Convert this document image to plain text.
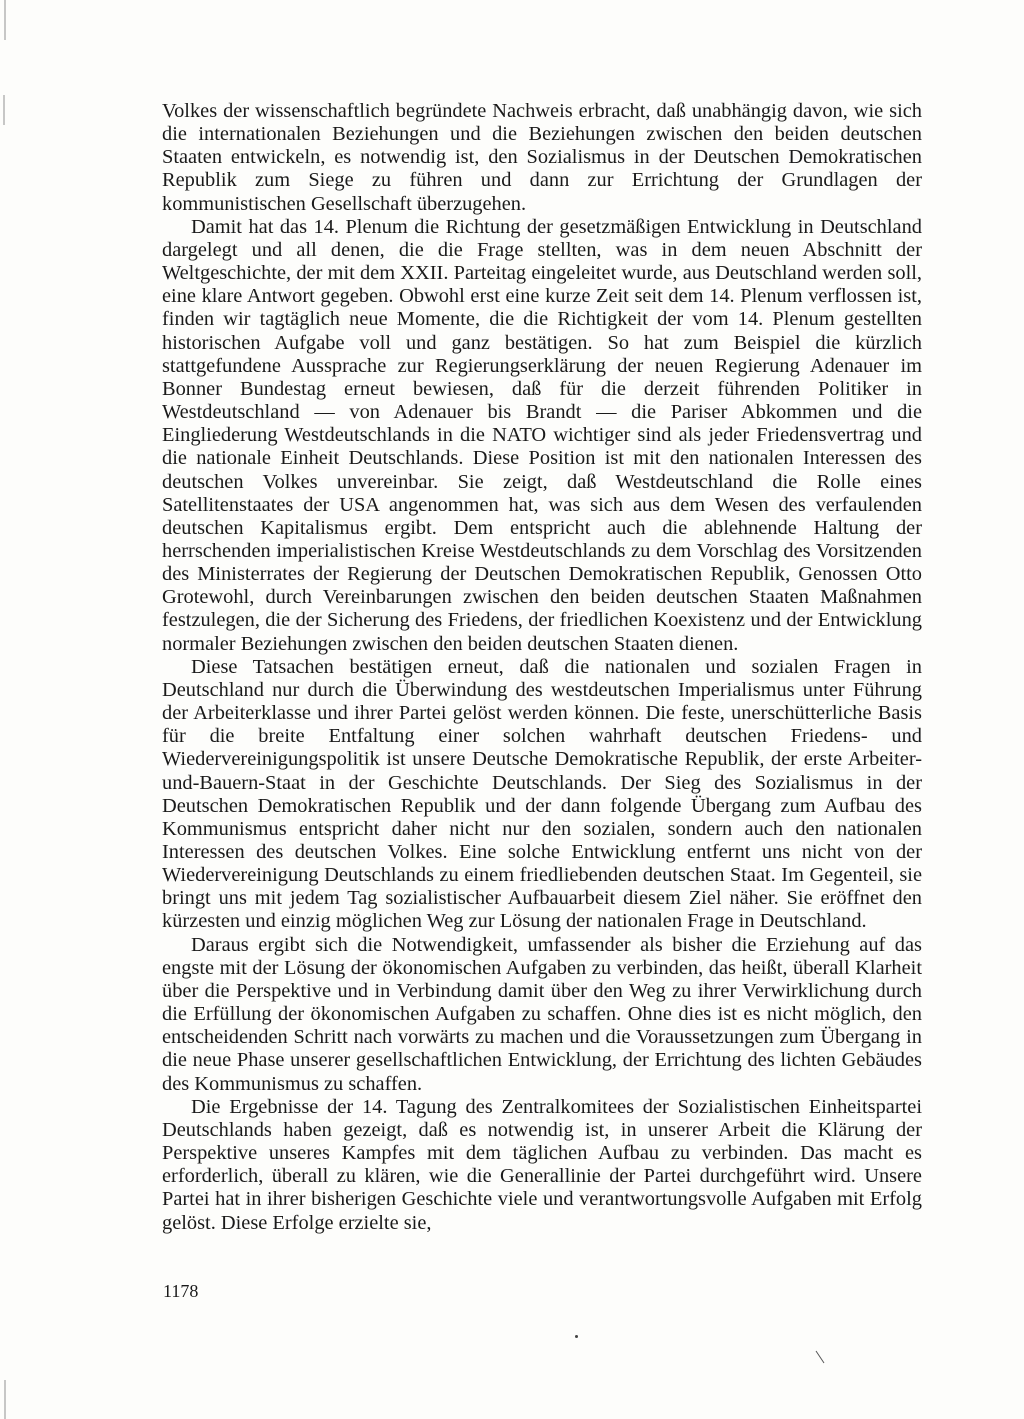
Volkes der wissenschaftlich begründete Nachweis erbracht, daß unabhängig davon, wie sich die internationalen Beziehungen und die Beziehungen zwischen den beiden deutschen Staaten entwickeln, es notwendig ist, den Sozialismus in der Deutschen Demokratischen Republik zum Siege zu führen und dann zur Errichtung der Grundlagen der kommunistischen Gesellschaft überzugehen.

Damit hat das 14. Plenum die Richtung der gesetzmäßigen Entwicklung in Deutschland dargelegt und all denen, die die Frage stellten, was in dem neuen Abschnitt der Weltgeschichte, der mit dem XXII. Parteitag eingeleitet wurde, aus Deutschland werden soll, eine klare Antwort gegeben. Obwohl erst eine kurze Zeit seit dem 14. Plenum verflossen ist, finden wir tagtäglich neue Momente, die die Richtigkeit der vom 14. Plenum gestellten historischen Aufgabe voll und ganz bestätigen. So hat zum Beispiel die kürzlich stattgefundene Aussprache zur Regierungserklärung der neuen Regierung Adenauer im Bonner Bundestag erneut bewiesen, daß für die derzeit führenden Politiker in Westdeutschland — von Adenauer bis Brandt — die Pariser Abkommen und die Eingliederung Westdeutschlands in die NATO wichtiger sind als jeder Friedensvertrag und die nationale Einheit Deutschlands. Diese Position ist mit den nationalen Interessen des deutschen Volkes unvereinbar. Sie zeigt, daß Westdeutschland die Rolle eines Satellitenstaates der USA angenommen hat, was sich aus dem Wesen des verfaulenden deutschen Kapitalismus ergibt. Dem entspricht auch die ablehnende Haltung der herrschenden imperialistischen Kreise Westdeutschlands zu dem Vorschlag des Vorsitzenden des Ministerrates der Regierung der Deutschen Demokratischen Republik, Genossen Otto Grotewohl, durch Vereinbarungen zwischen den beiden deutschen Staaten Maßnahmen festzulegen, die der Sicherung des Friedens, der friedlichen Koexistenz und der Entwicklung normaler Beziehungen zwischen den beiden deutschen Staaten dienen.

Diese Tatsachen bestätigen erneut, daß die nationalen und sozialen Fragen in Deutschland nur durch die Überwindung des westdeutschen Imperialismus unter Führung der Arbeiterklasse und ihrer Partei gelöst werden können. Die feste, unerschütterliche Basis für die breite Entfaltung einer solchen wahrhaft deutschen Friedens- und Wiedervereinigungspolitik ist unsere Deutsche Demokratische Republik, der erste Arbeiter-und-Bauern-Staat in der Geschichte Deutschlands. Der Sieg des Sozialismus in der Deutschen Demokratischen Republik und der dann folgende Übergang zum Aufbau des Kommunismus entspricht daher nicht nur den sozialen, sondern auch den nationalen Interessen des deutschen Volkes. Eine solche Entwicklung entfernt uns nicht von der Wiedervereinigung Deutschlands zu einem friedliebenden deutschen Staat. Im Gegenteil, sie bringt uns mit jedem Tag sozialistischer Aufbauarbeit diesem Ziel näher. Sie eröffnet den kürzesten und einzig möglichen Weg zur Lösung der nationalen Frage in Deutschland.

Daraus ergibt sich die Notwendigkeit, umfassender als bisher die Erziehung auf das engste mit der Lösung der ökonomischen Aufgaben zu verbinden, das heißt, überall Klarheit über die Perspektive und in Verbindung damit über den Weg zu ihrer Verwirklichung durch die Erfüllung der ökonomischen Aufgaben zu schaffen. Ohne dies ist es nicht möglich, den entscheidenden Schritt nach vorwärts zu machen und die Voraussetzungen zum Übergang in die neue Phase unserer gesellschaftlichen Entwicklung, der Errichtung des lichten Gebäudes des Kommunismus zu schaffen.

Die Ergebnisse der 14. Tagung des Zentralkomitees der Sozialistischen Einheitspartei Deutschlands haben gezeigt, daß es notwendig ist, in unserer Arbeit die Klärung der Perspektive unseres Kampfes mit dem täglichen Aufbau zu verbinden. Das macht es erforderlich, überall zu klären, wie die Generallinie der Partei durchgeführt wird. Unsere Partei hat in ihrer bisherigen Geschichte viele und verantwortungsvolle Aufgaben mit Erfolg gelöst. Diese Erfolge erzielte sie,

1178
